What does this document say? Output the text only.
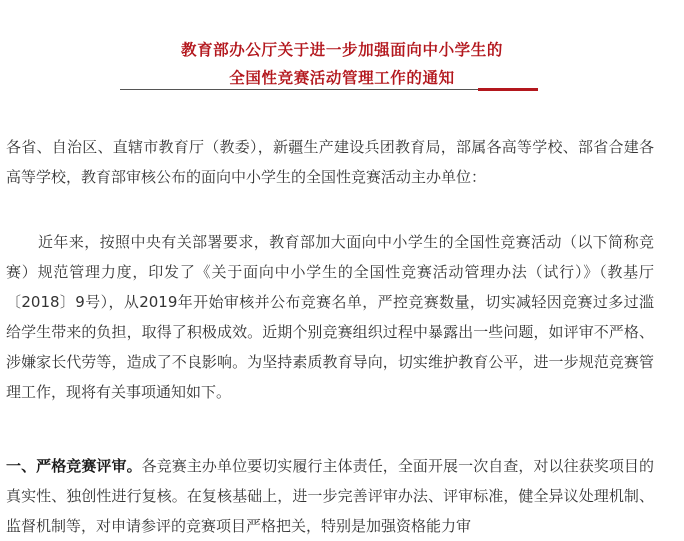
教育部办公厅关于进一步加强面向中小学生的
全国性竞赛活动管理工作的通知

各省、自治区、直辖市教育厅（教委），新疆生产建设兵团教育局，部属各高等学校、部省合建各高等学校，教育部审核公布的面向中小学生的全国性竞赛活动主办单位：

近年来，按照中央有关部署要求，教育部加大面向中小学生的全国性竞赛活动（以下简称竞赛）规范管理力度，印发了《关于面向中小学生的全国性竞赛活动管理办法（试行）》（教基厅〔2018〕9号），从2019年开始审核并公布竞赛名单，严控竞赛数量，切实减轻因竞赛过多过滥给学生带来的负担，取得了积极成效。近期个别竞赛组织过程中暴露出一些问题，如评审不严格、涉嫌家长代劳等，造成了不良影响。为坚持素质教育导向，切实维护教育公平，进一步规范竞赛管理工作，现将有关事项通知如下。

一、严格竞赛评审。各竞赛主办单位要切实履行主体责任，全面开展一次自查，对以往获奖项目的真实性、独创性进行复核。在复核基础上，进一步完善评审办法、评审标准，健全异议处理机制、监督机制等，对申请参评的竞赛项目严格把关，特别是加强资格能力审
